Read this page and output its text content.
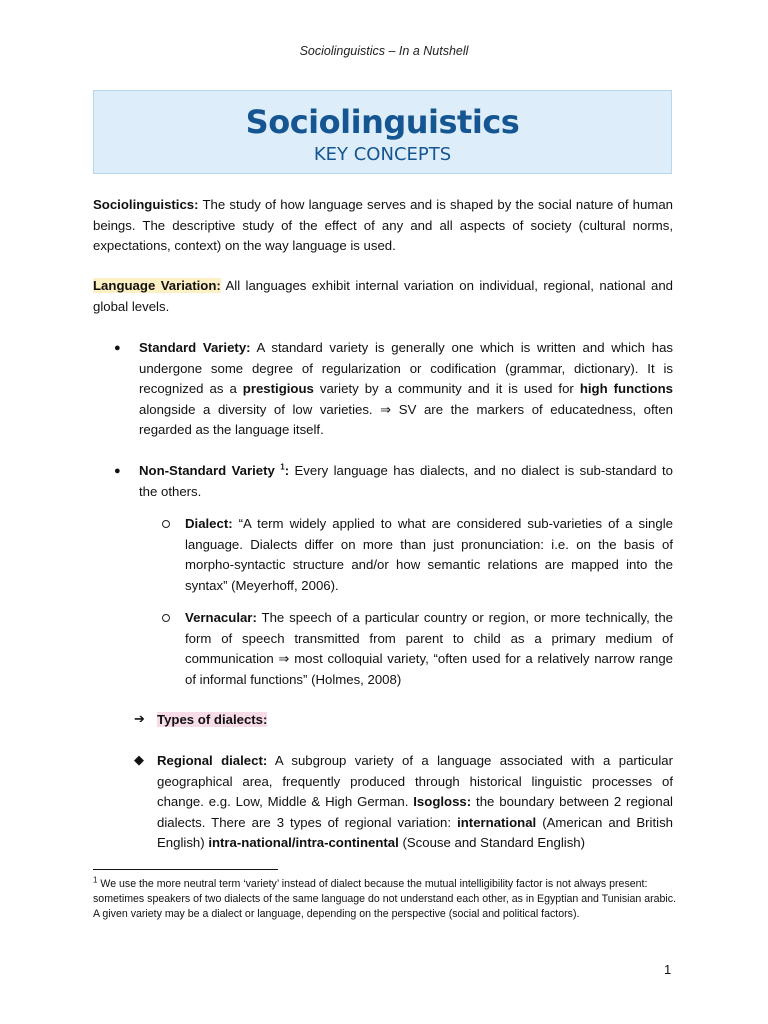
Sociolinguistics – In a Nutshell
Sociolinguistics
KEY CONCEPTS
Sociolinguistics: The study of how language serves and is shaped by the social nature of human beings. The descriptive study of the effect of any and all aspects of society (cultural norms, expectations, context) on the way language is used.
Language Variation: All languages exhibit internal variation on individual, regional, national and global levels.
● Standard Variety: A standard variety is generally one which is written and which has undergone some degree of regularization or codification (grammar, dictionary). It is recognized as a prestigious variety by a community and it is used for high functions alongside a diversity of low varieties. ⇒ SV are the markers of educatedness, often regarded as the language itself.
● Non-Standard Variety $^1$: Every language has dialects, and no dialect is sub-standard to the others.
Dialect: “A term widely applied to what are considered sub-varieties of a single language. Dialects differ on more than just pronunciation: i.e. on the basis of morpho-syntactic structure and/or how semantic relations are mapped into the syntax” (Meyerhoff, 2006).
Vernacular: The speech of a particular country or region, or more technically, the form of speech transmitted from parent to child as a primary medium of communication ⇒ most colloquial variety, “often used for a relatively narrow range of informal functions” (Holmes, 2008)
➔ Types of dialects:
◆ Regional dialect: A subgroup variety of a language associated with a particular geographical area, frequently produced through historical linguistic processes of change. e.g. Low, Middle & High German. Isogloss: the boundary between 2 regional dialects. There are 3 types of regional variation: international (American and British English) intra-national/intra-continental (Scouse and Standard English)
$^1$ We use the more neutral term ‘variety’ instead of dialect because the mutual intelligibility factor is not always present: sometimes speakers of two dialects of the same language do not understand each other, as in Egyptian and Tunisian arabic. A given variety may be a dialect or language, depending on the perspective (social and political factors).
1
